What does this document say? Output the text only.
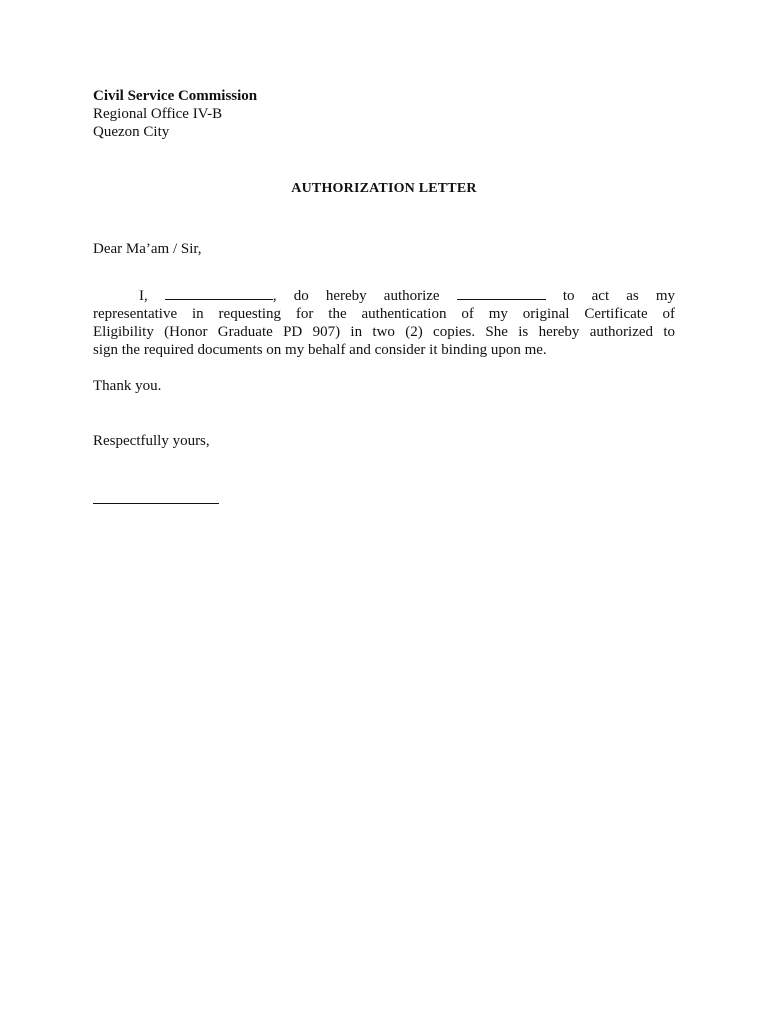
Civil Service Commission
Regional Office IV-B
Quezon City
AUTHORIZATION LETTER
Dear Ma’am / Sir,
I,	, do hereby authorize	to act as my
representative in requesting for the authentication of my original Certificate of
Eligibility (Honor Graduate PD 907) in two (2) copies. She is hereby authorized to
sign the required documents on my behalf and consider it binding upon me.
Thank you.
Respectfully yours,
